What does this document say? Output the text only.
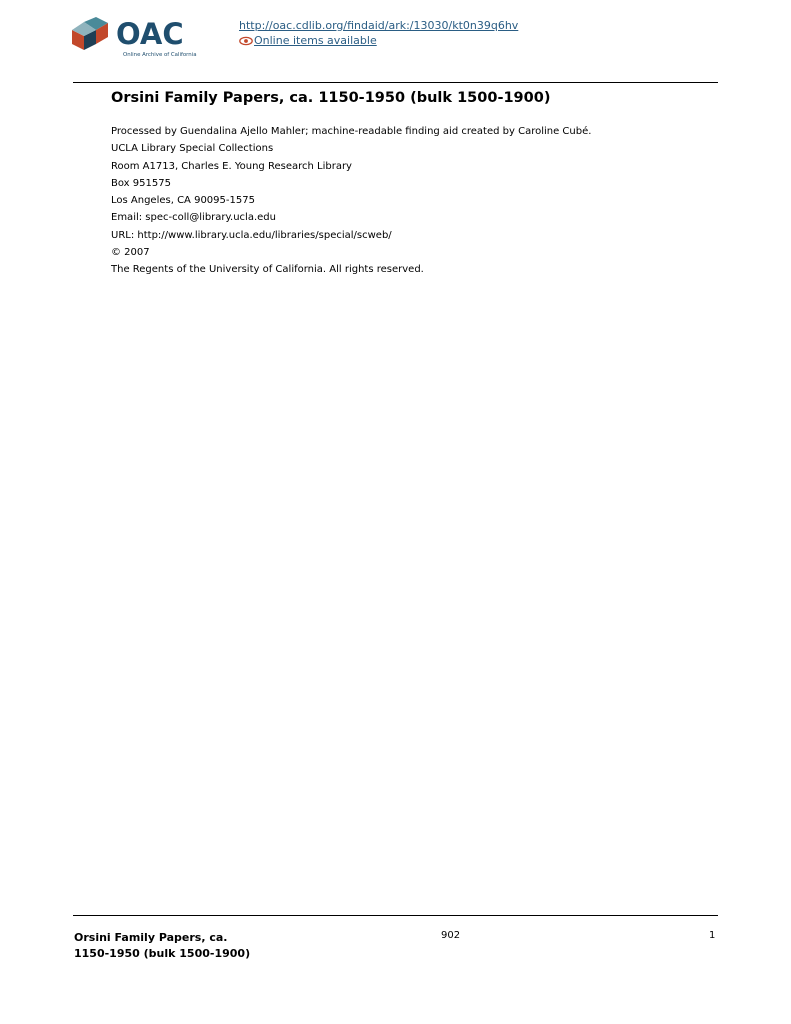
OAC
Online Archive of California
http://oac.cdlib.org/findaid/ark:/13030/kt0n39q6hv
Online items available
Orsini Family Papers, ca. 1150-1950 (bulk 1500-1900)
Processed by Guendalina Ajello Mahler; machine-readable finding aid created by Caroline Cubé.
UCLA Library Special Collections
Room A1713, Charles E. Young Research Library
Box 951575
Los Angeles, CA 90095-1575
Email: spec-coll@library.ucla.edu
URL: http://www.library.ucla.edu/libraries/special/scweb/
© 2007
The Regents of the University of California. All rights reserved.
Orsini Family Papers, ca.
1150-1950 (bulk 1500-1900)
902	1
